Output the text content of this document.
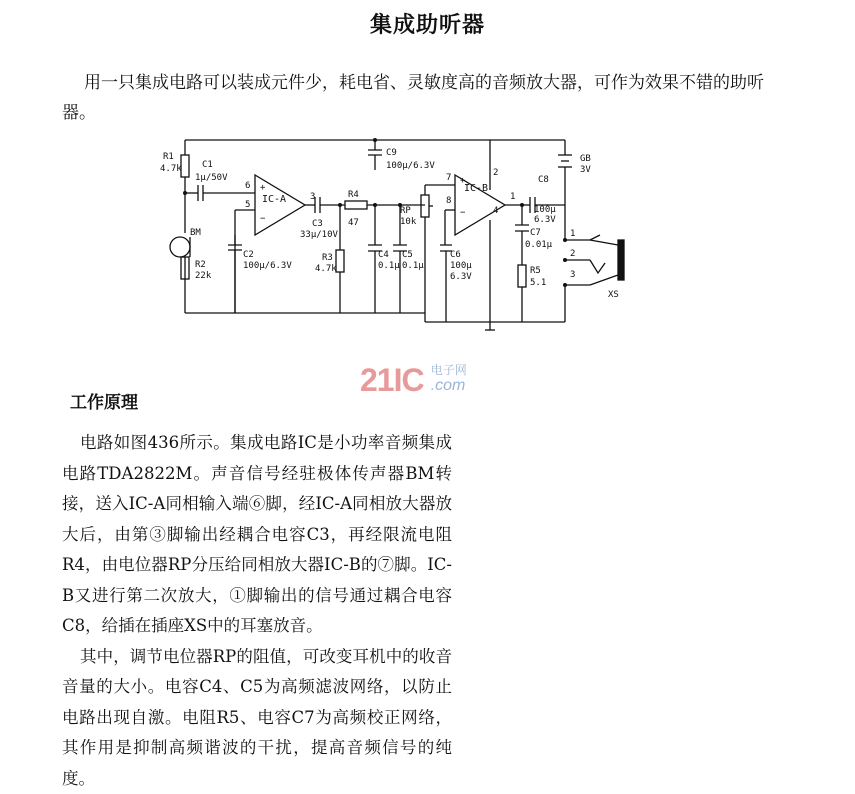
集成助听器
用一只集成电路可以装成元件少，耗电省、灵敏度高的音频放大器，可作为效果不错的助听器。
R1
4.7k C1
1μ/50V
BM
R2
22k
C2
100μ/6.3V
IC-A
+
−
6
5
3
C3
33μ/10V
R4
47
R3
4.7k
C4
0.1μ
C5
0.1μ
C9
100μ/6.3V
RP
10k
IC-B
+
−
7
8
2
4
1
C6
100μ
6.3V
C8
100μ
6.3V
C7
0.01μ
R5
5.1
GB
3V
1
2
3
XS
21IC 电子网
.com
工作原理

电路如图436所示。集成电路IC是小功率音频集成电路TDA2822M。声音信号经驻极体传声器BM转接，送入IC-A同相输入端⑥脚，经IC-A同相放大器放大后，由第③脚输出经耦合电容C3，再经限流电阻R4，由电位器RP分压给同相放大器IC-B的⑦脚。IC-B又进行第二次放大，①脚输出的信号通过耦合电容C8，给插在插座XS中的耳塞放音。

其中，调节电位器RP的阻值，可改变耳机中的收音音量的大小。电容C4、C5为高频滤波网络，以防止电路出现自激。电阻R5、电容C7为高频校正网络，其作用是抑制高频谐波的干扰，提高音频信号的纯度。
